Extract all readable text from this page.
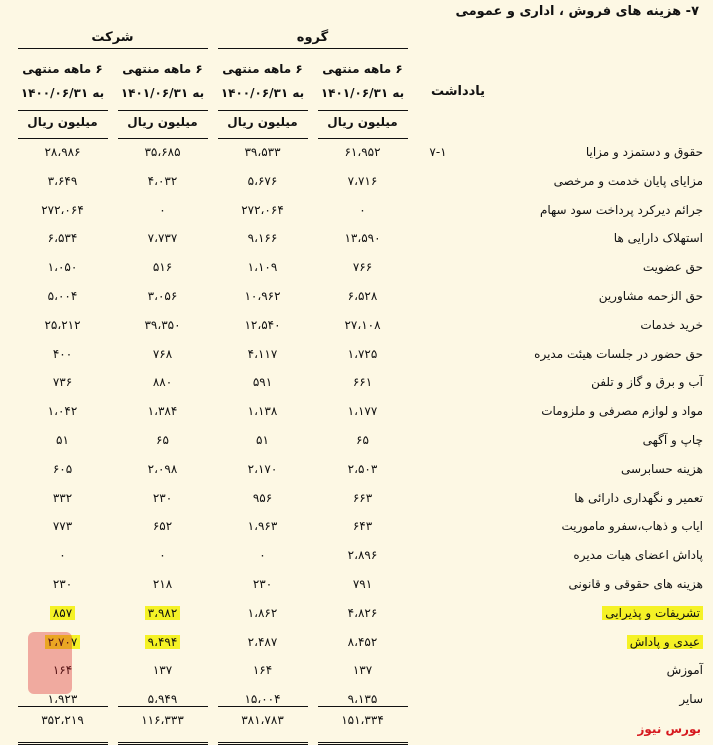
۷- هزینه های فروش ، اداری و عمومی
گروه
شرکت
۶ ماهه منتهی
به ۱۴۰۱/۰۶/۳۱
۶ ماهه منتهی
به ۱۴۰۰/۰۶/۳۱
۶ ماهه منتهی
به ۱۴۰۱/۰۶/۳۱
۶ ماهه منتهی
به ۱۴۰۰/۰۶/۳۱	یادداشت
میلیون ریال
میلیون ریال
میلیون ریال
میلیون ریال
حقوق و دستمزد و مزایا
۷-۱
۶۱،۹۵۲
۳۹،۵۳۳
۳۵،۶۸۵
۲۸،۹۸۶
مزایای پایان خدمت و مرخصی
۷،۷۱۶
۵،۶۷۶
۴،۰۳۲
۳،۶۴۹
جرائم دیرکرد پرداخت سود سهام
۰
۲۷۲،۰۶۴
۰
۲۷۲،۰۶۴
استهلاک دارایی ها
۱۳،۵۹۰
۹،۱۶۶
۷،۷۳۷
۶،۵۳۴
حق عضویت
۷۶۶
۱،۱۰۹
۵۱۶
۱،۰۵۰
حق الزحمه مشاورین
۶،۵۲۸
۱۰،۹۶۲
۳،۰۵۶
۵،۰۰۴
خرید خدمات
۲۷،۱۰۸
۱۲،۵۴۰
۳۹،۳۵۰
۲۵،۲۱۲
حق حضور در جلسات هیئت مدیره
۱،۷۲۵
۴،۱۱۷
۷۶۸
۴۰۰
آب و برق و گاز و تلفن
۶۶۱
۵۹۱
۸۸۰
۷۳۶
مواد و لوازم مصرفی و ملزومات
۱،۱۷۷
۱،۱۳۸
۱،۳۸۴
۱،۰۴۲
چاپ و آگهی
۶۵
۵۱
۶۵
۵۱
هزینه حسابرسی
۲،۵۰۳
۲،۱۷۰
۲،۰۹۸
۶۰۵
تعمیر و نگهداری دارائی ها
۶۶۳
۹۵۶
۲۳۰
۳۳۲
ایاب و ذهاب،سفرو ماموریت
۶۴۳
۱،۹۶۳
۶۵۲
۷۷۳
پاداش اعضای هیات مدیره
۲،۸۹۶
۰
۰
۰
هزینه های حقوقی و قانونی
۷۹۱
۲۳۰
۲۱۸
۲۳۰
تشریفات و پذیرایی
۴،۸۲۶
۱،۸۶۲
۳،۹۸۲
۸۵۷
عیدی و پاداش
۸،۴۵۲
۲،۴۸۷
۹،۴۹۴
۲،۷۰۷
آموزش
۱۳۷
۱۶۴
۱۳۷
۱۶۴
سایر
۹،۱۳۵
۱۵،۰۰۴
۵،۹۴۹
۱،۹۲۳
۱۵۱،۳۳۴
۳۸۱،۷۸۳
۱۱۶،۳۳۳
۳۵۲،۲۱۹
بورس نیوز
